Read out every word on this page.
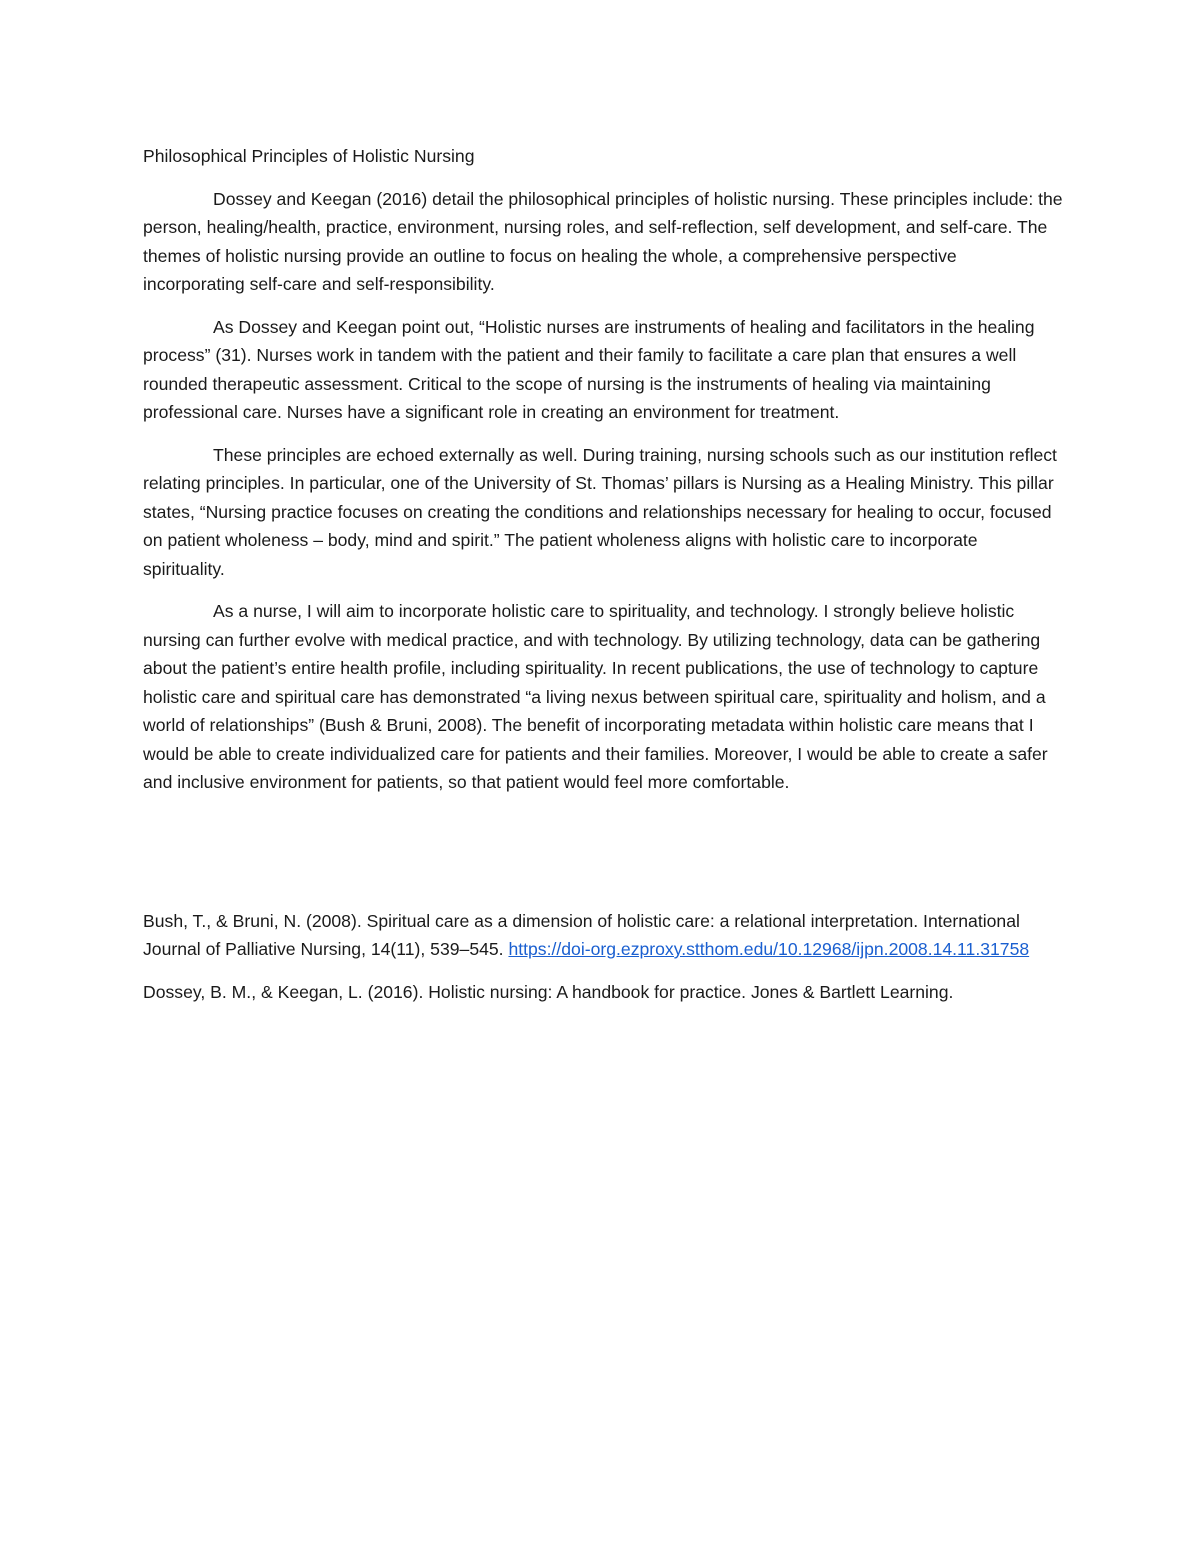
Philosophical Principles of Holistic Nursing

Dossey and Keegan (2016) detail the philosophical principles of holistic nursing. These principles include: the person, healing/health, practice, environment, nursing roles, and self-reflection, self development, and self-care. The themes of holistic nursing provide an outline to focus on healing the whole, a comprehensive perspective incorporating self-care and self-responsibility.

As Dossey and Keegan point out, “Holistic nurses are instruments of healing and facilitators in the healing process” (31). Nurses work in tandem with the patient and their family to facilitate a care plan that ensures a well rounded therapeutic assessment. Critical to the scope of nursing is the instruments of healing via maintaining professional care. Nurses have a significant role in creating an environment for treatment.

These principles are echoed externally as well. During training, nursing schools such as our institution reflect relating principles. In particular, one of the University of St. Thomas’ pillars is Nursing as a Healing Ministry. This pillar states, “Nursing practice focuses on creating the conditions and relationships necessary for healing to occur, focused on patient wholeness – body, mind and spirit.” The patient wholeness aligns with holistic care to incorporate spirituality.

As a nurse, I will aim to incorporate holistic care to spirituality, and technology. I strongly believe holistic nursing can further evolve with medical practice, and with technology. By utilizing technology, data can be gathering about the patient’s entire health profile, including spirituality. In recent publications, the use of technology to capture holistic care and spiritual care has demonstrated “a living nexus between spiritual care, spirituality and holism, and a world of relationships” (Bush & Bruni, 2008). The benefit of incorporating metadata within holistic care means that I would be able to create individualized care for patients and their families. Moreover, I would be able to create a safer and inclusive environment for patients, so that patient would feel more comfortable.

Bush, T., & Bruni, N. (2008). Spiritual care as a dimension of holistic care: a relational interpretation. International Journal of Palliative Nursing, 14(11), 539–545. https://doi-org.ezproxy.stthom.edu/10.12968/ijpn.2008.14.11.31758

Dossey, B. M., & Keegan, L. (2016). Holistic nursing: A handbook for practice. Jones & Bartlett Learning.
